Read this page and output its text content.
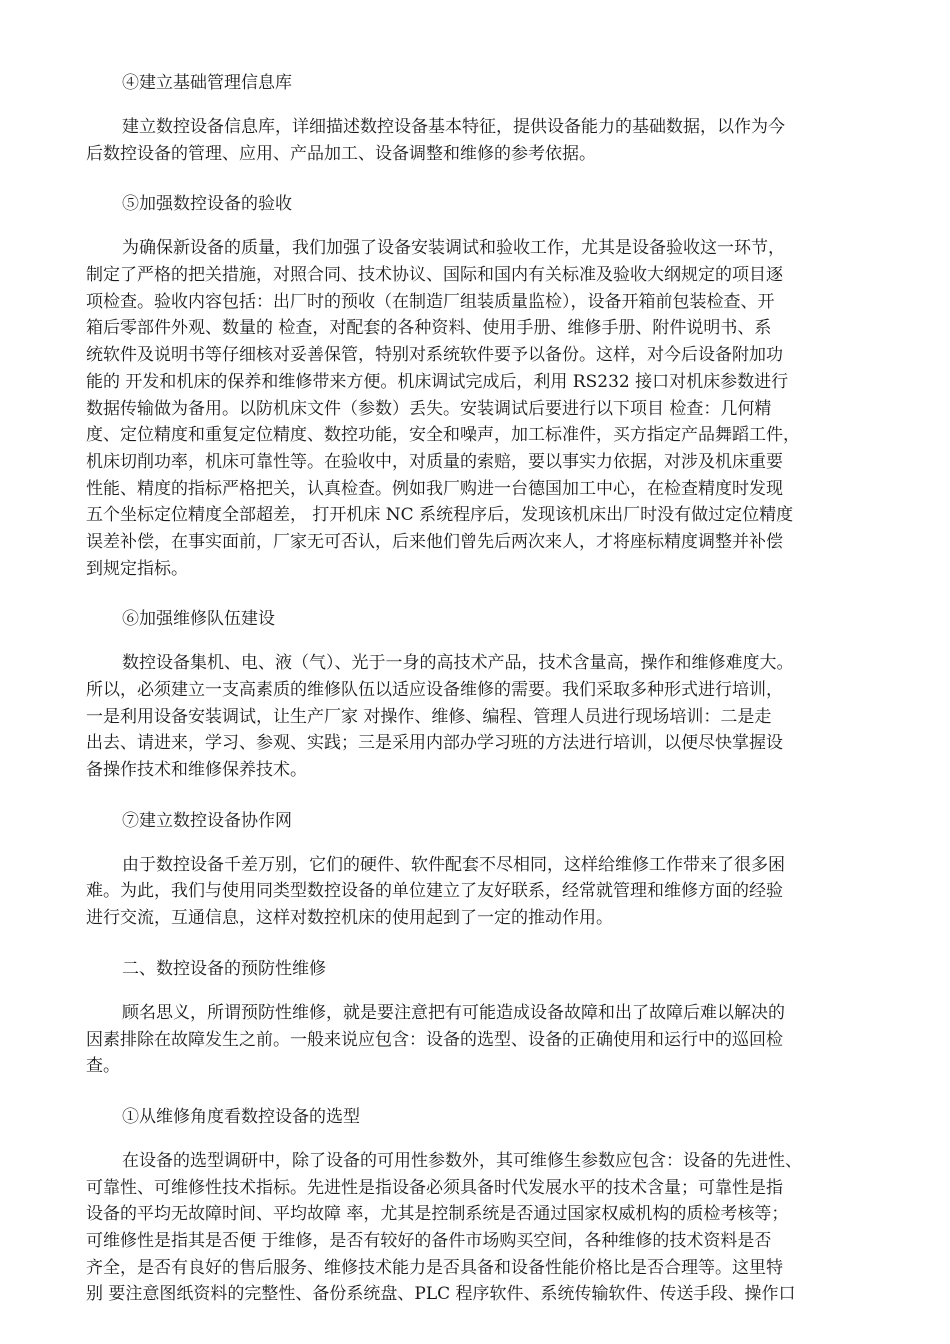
④建立基础管理信息库

建立数控设备信息库，详细描述数控设备基本特征，提供设备能力的基础数据，以作为今
后数控设备的管理、应用、产品加工、设备调整和维修的参考依据。

⑤加强数控设备的验收

为确保新设备的质量，我们加强了设备安装调试和验收工作，尤其是设备验收这一环节，
制定了严格的把关措施，对照合同、技术协议、国际和国内有关标准及验收大纲规定的项目逐
项检查。验收内容包括：出厂时的预收（在制造厂组装质量监检），设备开箱前包装检查、开
箱后零部件外观、数量的 检查，对配套的各种资料、使用手册、维修手册、附件说明书、系
统软件及说明书等仔细核对妥善保管，特别对系统软件要予以备份。这样，对今后设备附加功
能的 开发和机床的保养和维修带来方便。机床调试完成后，利用 RS232 接口对机床参数进行
数据传输做为备用。以防机床文件（参数）丢失。安装调试后要进行以下项目 检查：几何精
度、定位精度和重复定位精度、数控功能，安全和噪声，加工标准件，买方指定产品舞蹈工件，
机床切削功率，机床可靠性等。在验收中，对质量的索赔，要以事实力依据，对涉及机床重要
性能、精度的指标严格把关，认真检查。例如我厂购进一台德国加工中心，在检查精度时发现
五个坐标定位精度全部超差， 打开机床 NC 系统程序后，发现该机床出厂时没有做过定位精度
误差补偿，在事实面前，厂家无可否认，后来他们曾先后两次来人，才将座标精度调整并补偿
到规定指标。

⑥加强维修队伍建设

数控设备集机、电、液（气）、光于一身的高技术产品，技术含量高，操作和维修难度大。
所以，必须建立一支高素质的维修队伍以适应设备维修的需要。我们采取多种形式进行培训，
一是利用设备安装调试，让生产厂家 对操作、维修、编程、管理人员进行现场培训：二是走
出去、请进来，学习、参观、实践；三是采用内部办学习班的方法进行培训，以便尽快掌握设
备操作技术和维修保养技术。

⑦建立数控设备协作网

由于数控设备千差万别，它们的硬件、软件配套不尽相同，这样给维修工作带来了很多困
难。为此，我们与使用同类型数控设备的单位建立了友好联系，经常就管理和维修方面的经验
进行交流，互通信息，这样对数控机床的使用起到了一定的推动作用。

二、数控设备的预防性维修

顾名思义，所谓预防性维修，就是要注意把有可能造成设备故障和出了故障后难以解决的
因素排除在故障发生之前。一般来说应包含：设备的选型、设备的正确使用和运行中的巡回检
查。

①从维修角度看数控设备的选型

在设备的选型调研中，除了设备的可用性参数外，其可维修生参数应包含：设备的先进性、
可靠性、可维修性技术指标。先进性是指设备必须具备时代发展水平的技术含量；可靠性是指
设备的平均无故障时间、平均故障 率，尤其是控制系统是否通过国家权威机构的质检考核等；
可维修性是指其是否便 于维修，是否有较好的备件市场购买空间，各种维修的技术资料是否
齐全，是否有良好的售后服务、维修技术能力是否具备和设备性能价格比是否合理等。这里特
别 要注意图纸资料的完整性、备份系统盘、PLC 程序软件、系统传输软件、传送手段、操作口
